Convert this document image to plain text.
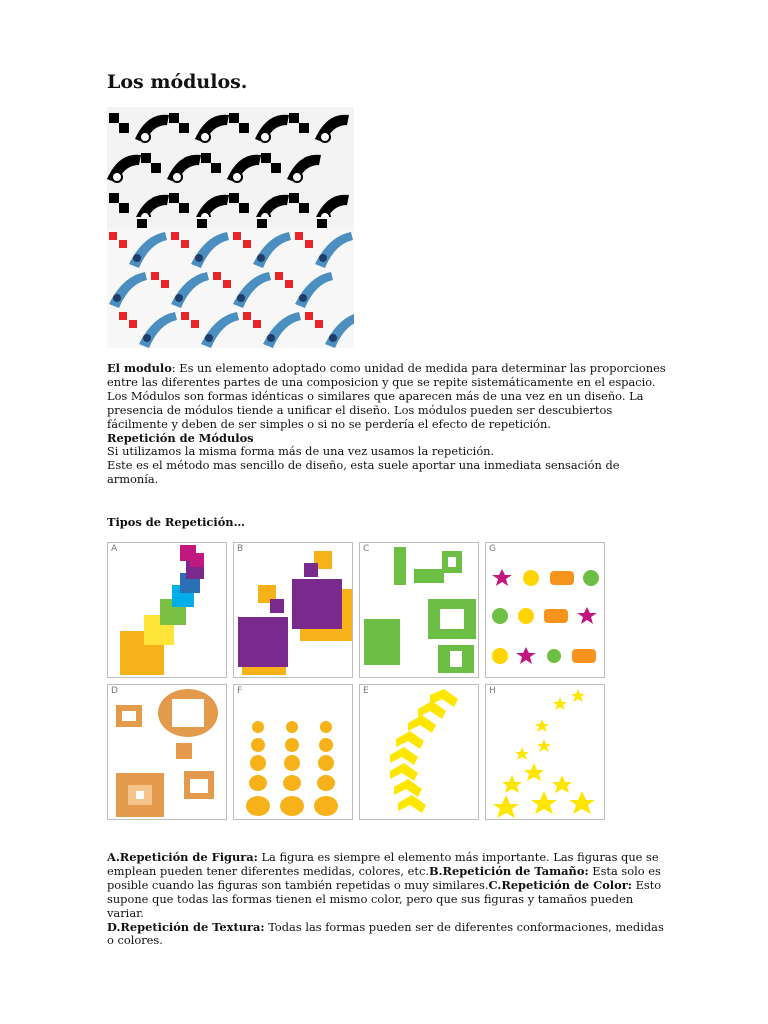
Los módulos.
El modulo: Es un elemento adoptado como unidad de medida para determinar las proporciones entre las diferentes partes de una composicion y que se repite sistemáticamente en el espacio. Los Módulos son formas idénticas o similares que aparecen más de una vez en un diseño. La presencia de módulos tiende a unificar el diseño. Los módulos pueden ser descubiertos fácilmente y deben de ser simples o si no se perdería el efecto de repetición.
Repetición de Módulos
Si utilizamos la misma forma más de una vez usamos la repetición.
Este es el método mas sencillo de diseño, esta suele aportar una inmediata sensación de armonía.
Tipos de Repetición…
A	B	C	G
D	F	E	H
A.Repetición de Figura: La figura es siempre el elemento más importante. Las figuras que se emplean pueden tener diferentes medidas, colores, etc.B.Repetición de Tamaño: Esta solo es posible cuando las figuras son también repetidas o muy similares.C.Repetición de Color: Esto supone que todas las formas tienen el mismo color, pero que sus figuras y tamaños pueden variar.
D.Repetición de Textura: Todas las formas pueden ser de diferentes conformaciones, medidas o colores.
